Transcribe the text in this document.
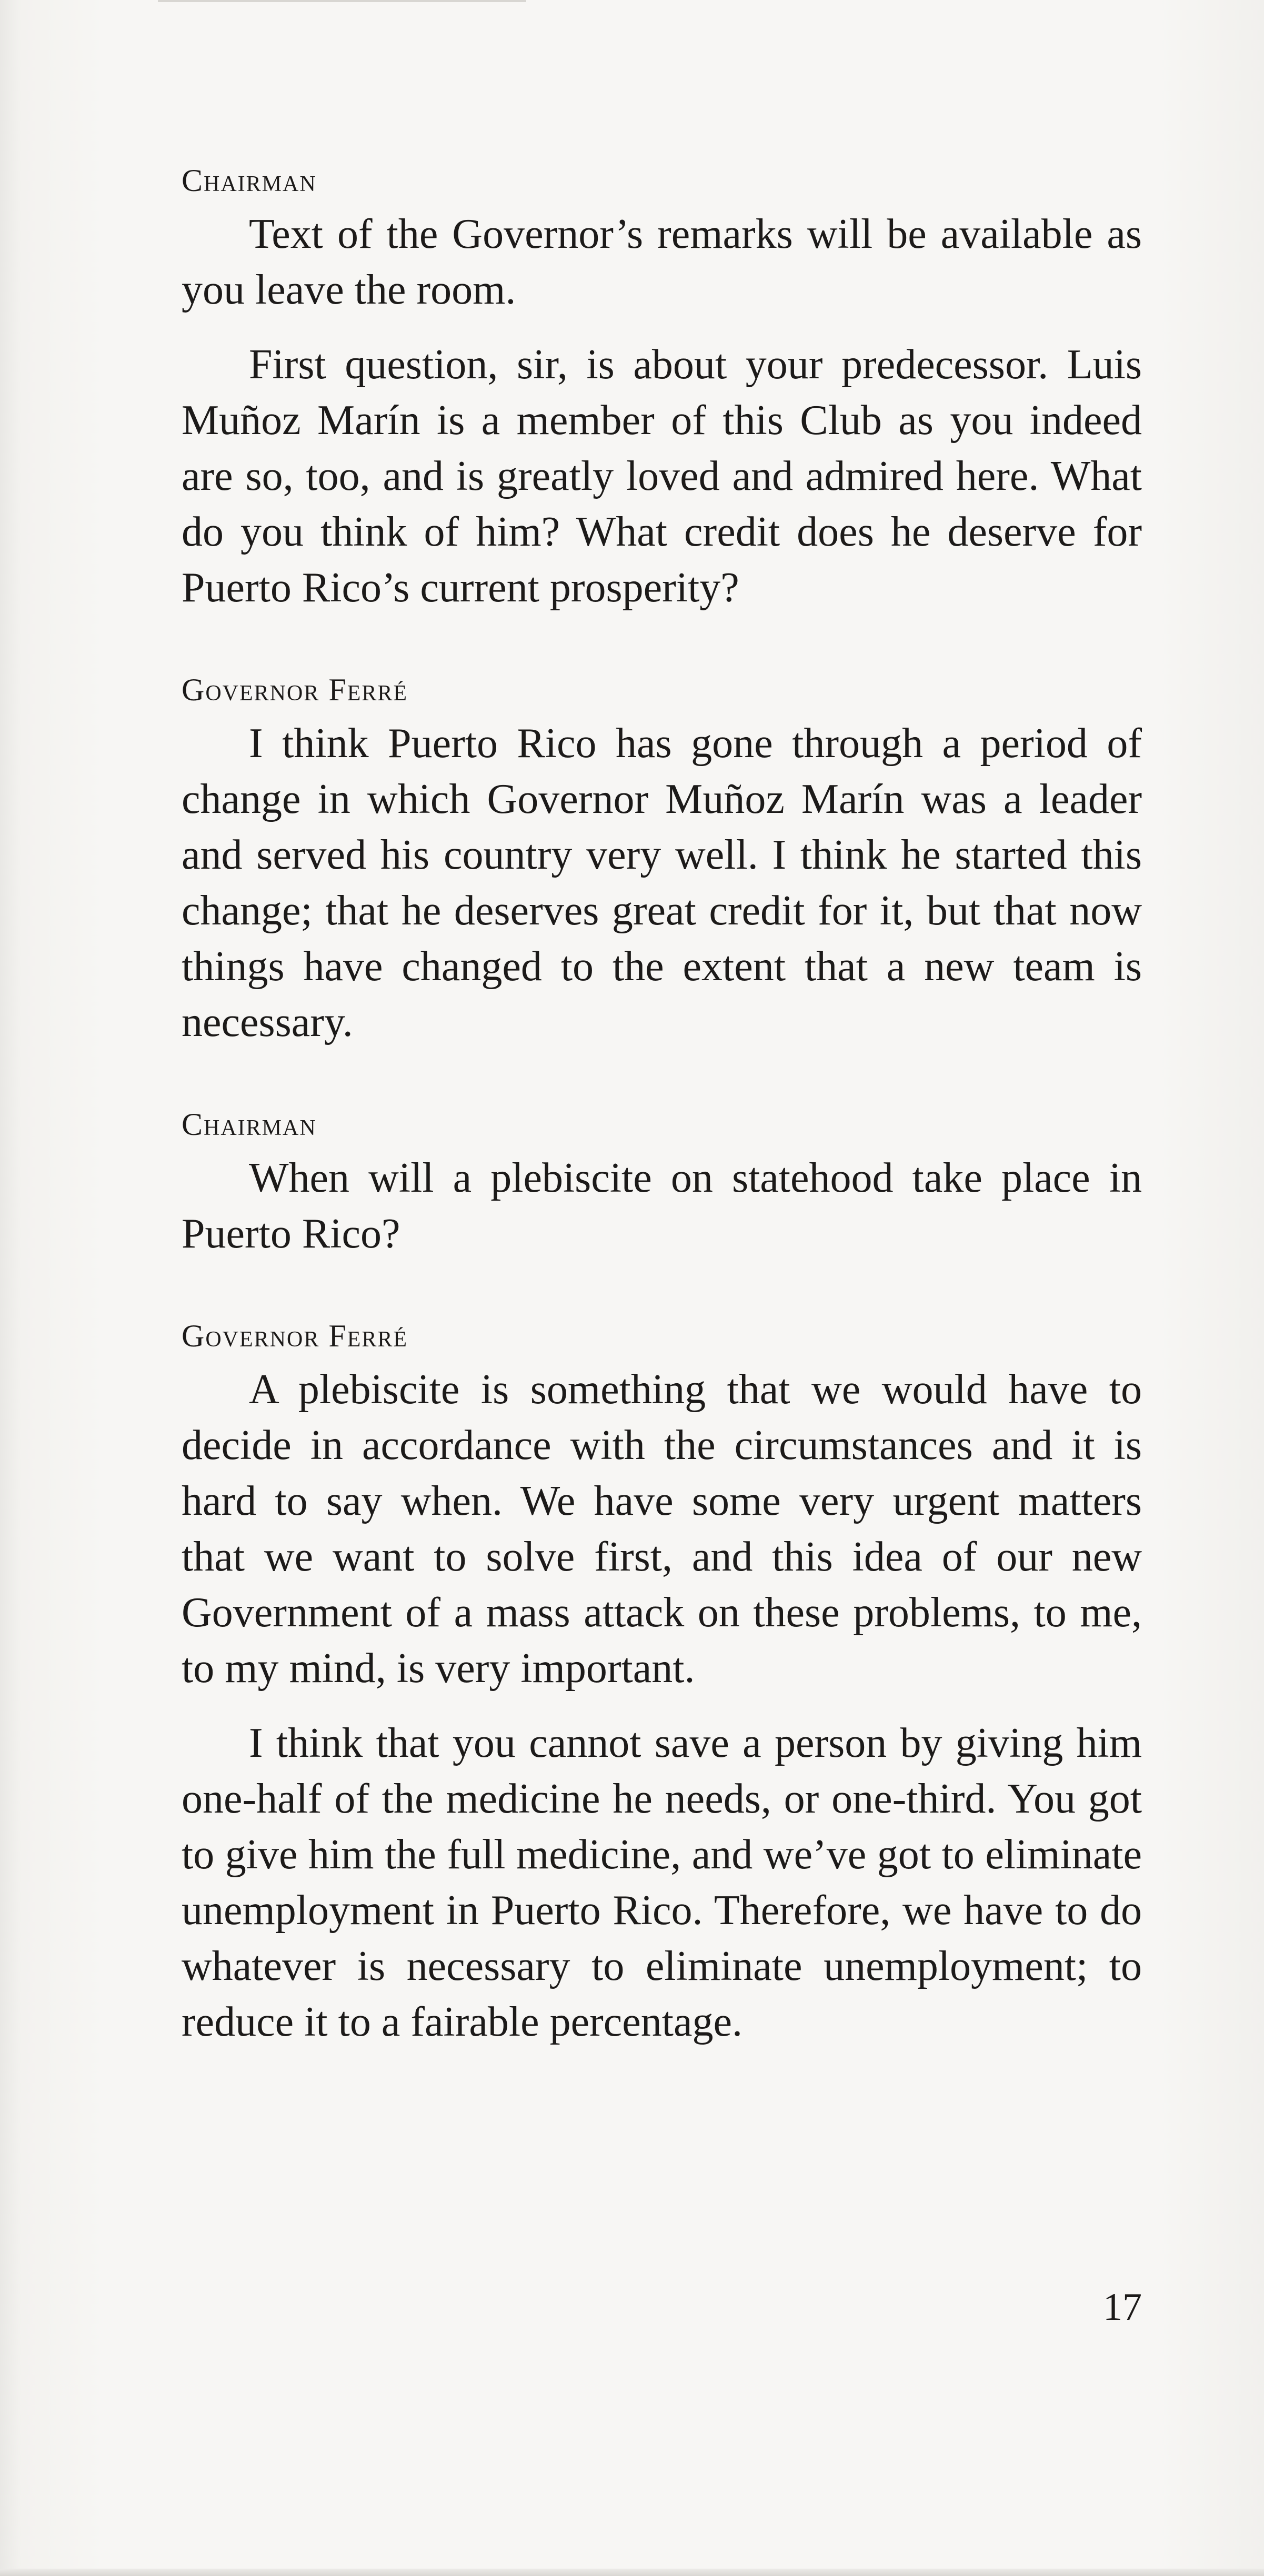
Chairman

Text of the Governor’s remarks will be available as you leave the room.

First question, sir, is about your predecessor. Luis Muñoz Marín is a member of this Club as you indeed are so, too, and is greatly loved and admired here. What do you think of him? What credit does he deserve for Puerto Rico’s current prosperity?

Governor Ferré

I think Puerto Rico has gone through a period of change in which Governor Muñoz Marín was a leader and served his country very well. I think he started this change; that he deserves great credit for it, but that now things have changed to the extent that a new team is necessary.

Chairman

When will a plebiscite on statehood take place in Puerto Rico?

Governor Ferré

A plebiscite is something that we would have to decide in accordance with the circumstances and it is hard to say when. We have some very urgent matters that we want to solve first, and this idea of our new Government of a mass attack on these problems, to me, to my mind, is very important.

I think that you cannot save a person by giving him one-half of the medicine he needs, or one-third. You got to give him the full medicine, and we’ve got to eliminate unemployment in Puerto Rico. Therefore, we have to do whatever is necessary to eliminate unemployment; to reduce it to a fairable percentage.

17
